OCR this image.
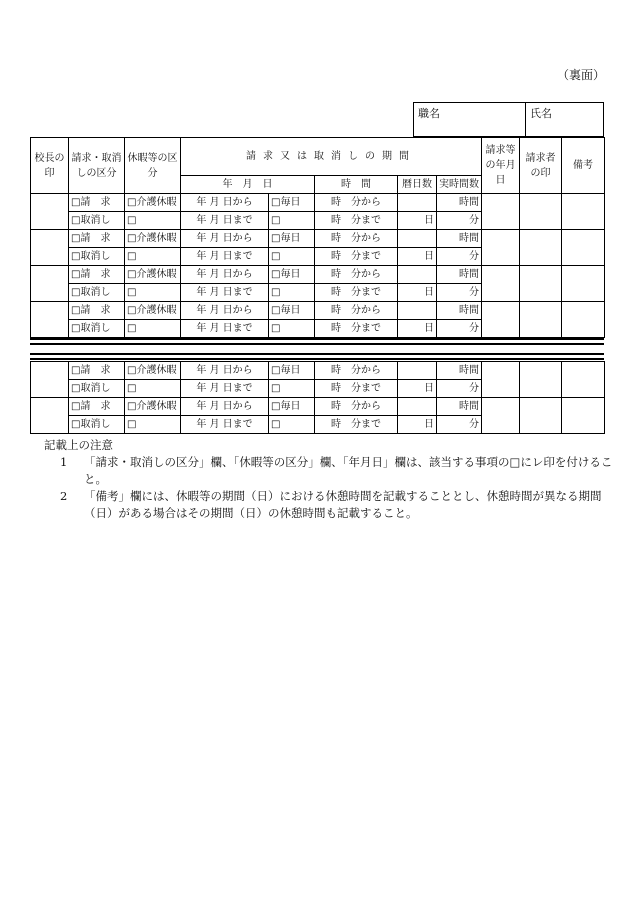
（裏面）
職名	氏名
校長の印	請求・取消しの区分	休暇等の区分	請求又は取消しの期間					請求等の年月日	請求者の印	備考
			年　月　日		時　間	暦日数	実時間数			
	□請　求	□介護休暇	年 月 日から	□毎日	時　分から		時間			
	□取消し	□	年 月 日まで	□	時　分まで	日	分			
	□請　求	□介護休暇	年 月 日から	□毎日	時　分から		時間			
	□取消し	□	年 月 日まで	□	時　分まで	日	分			
	□請　求	□介護休暇	年 月 日から	□毎日	時　分から		時間			
	□取消し	□	年 月 日まで	□	時　分まで	日	分			
	□請　求	□介護休暇	年 月 日から	□毎日	時　分から		時間			
	□取消し	□	年 月 日まで	□	時　分まで	日	分			
	□請　求	□介護休暇	年 月 日から	□毎日	時　分から		時間			
	□取消し	□	年 月 日まで	□	時　分まで	日	分			
	□請　求	□介護休暇	年 月 日から	□毎日	時　分から		時間			
	□取消し	□	年 月 日まで	□	時　分まで	日	分			
記載上の注意
1 「請求・取消しの区分」欄、「休暇等の区分」欄、「年月日」欄は、該当する事項の□にレ印を付けること。
2 「備考」欄には、休暇等の期間（日）における休憩時間を記載することとし、休憩時間が異なる期間（日）がある場合はその期間（日）の休憩時間も記載すること。
